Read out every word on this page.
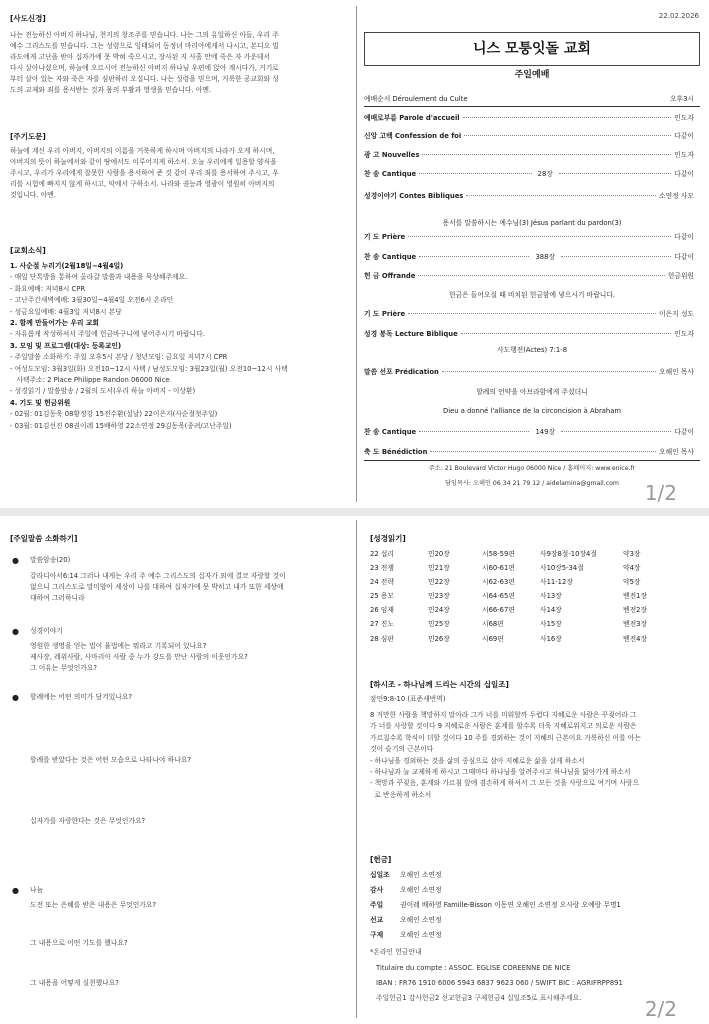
[사도신경]
나는 전능하신 아버지 하나님, 천지의 창조주를 믿습니다. 나는 그의 유일하신 아들, 우리 주
예수 그리스도를 믿습니다. 그는 성령으로 잉태되어 동정녀 마리아에게서 나시고, 본디오 빌
라도에게 고난을 받아 십자가에 못 박혀 죽으시고, 장사된 지 사흘 만에 죽은 자 가운데서
다시 살아나셨으며, 하늘에 오르시어 전능하신 아버지 하나님 우편에 앉아 계시다가, 거기로
부터 살아 있는 자와 죽은 자를 심판하러 오십니다. 나는 성령을 믿으며, 거룩한 공교회와 성
도의 교제와 죄를 용서받는 것과 몸의 부활과 영생을 믿습니다. 아멘.
[주기도문]
하늘에 계신 우리 아버지, 아버지의 이름을 거룩하게 하시며 아버지의 나라가 오게 하시며,
아버지의 뜻이 하늘에서와 같이 땅에서도 이루어지게 하소서. 오늘 우리에게 일용할 양식을
주시고, 우리가 우리에게 잘못한 사람을 용서하여 준 것 같이 우리 죄를 용서하여 주시고, 우
리를 시험에 빠지지 않게 하시고, 악에서 구하소서. 나라와 권능과 영광이 영원히 아버지의
것입니다. 아멘.
[교회소식]
1. 사순절 누리기(2월18일~4월4일)
- 매일 단톡방을 통하여 올라갈 말씀과 내용을 묵상해주세요.
- 화요예배: 저녁8시 CPR
- 고난주간새벽예배: 3월30일~4월4일 오전6시 온라인
- 성금요일예배: 4월3일 저녁8시 본당
2. 함께 만들어가는 우리 교회
- 자유롭게 작성하셔서 주일에 헌금바구니에 넣어주시기 바랍니다.
3. 모임 및 프로그램(대상: 등록교인)
- 주일말씀 소화하기: 주일 오후5시 본당 / 청년모임: 금요일 저녁7시 CPR
- 여성도모임: 3월3일(화) 오전10~12시 사택 / 남성도모임: 3월23일(월) 오전10~12시 사택
사택주소: 2 Place Philippe Randon 06000 Nice
- 성경읽기 / 말씀암송 / 2월의 도서(우리 하늘 아버지 - 이상환)
4. 기도 및 헌금위원
- 02월: 01김동욱 08황정강 15전수환(설날) 22이은지(사순절첫주일)
- 03월: 01김선진 08권이레 15배하영 22소연정 29김동욱(종려/고난주일)
22.02.2026
니스 모퉁잇돌 교회
주일예배
예배순서 Déroulement du Culte	오후3시
예배로부름 Parole d'accueil	인도자
신앙 고백 Confession de foi	다같이
광 고 Nouvelles	인도자
찬 송 Cantique	28장	다같이
성경이야기 Contes Bibliques	소연정 사모
용서를 말씀하시는 예수님(3) Jésus parlant du pardon(3)
기 도 Prière	다같이
찬 송 Cantique	388장	다같이
헌 금 Offrande	헌금위원
헌금은 들어오실 때 비치된 헌금함에 넣으시기 바랍니다.
기 도 Prière	이은지 성도
성경 봉독 Lecture Biblique	인도자
사도행전(Actes) 7:1-8
말씀 선포 Prédication	오해인 목사
할례의 언약을 아브라함에게 주셨더니
Dieu a donné l'alliance de la circoncision à Abraham
찬 송 Cantique	149장	다같이
축 도 Bénédiction	오해인 목사
주소: 21 Boulevard Victor Hugo 06000 Nice / 홈페이지: www.enice.fr
담임목사: 오해인 06 34 21 79 12 / aidelamina@gmail.com	1/2
[주일말씀 소화하기]
● 말씀암송(20)
갈라디아서6:14 그러나 내게는 우리 주 예수 그리스도의 십자가 외에 결코 자랑할 것이
없으니 그리스도로 말미암아 세상이 나를 대하여 십자가에 못 박히고 내가 또한 세상에
대하여 그러하니라
● 성경이야기
영원한 생명을 얻는 법이 율법에는 뭐라고 기록되어 있나요?
제사장, 레위사람, 사마리아 사람 중 누가 강도를 만난 사람의 이웃인가요?
그 이유는 무엇인가요?
● 할례에는 어떤 의미가 담겨있나요?
할례를 받았다는 것은 어떤 모습으로 나타나야 하나요?
십자가를 자랑한다는 것은 무엇인가요?
● 나눔
도전 또는 은혜를 받은 내용은 무엇인가요?
그 내용으로 어떤 기도를 했나요?
그 내용을 어떻게 실천했나요?
[성경읽기]
22 섭리	민20장	시58-59편	사9장8절-10장4절	약3장
23 전쟁	민21장	시60-61편	사10장5-34절	약4장
24 전략	민22장	시62-63편	사11-12장	약5장
25 용모	민23장	시64-65편	사13장	벧전1장
26 임재	민24장	시66-67편	사14장	벧전2장
27 진노	민25장	시68편	사15장	벧전3장
28 심판	민26장	시69편	사16장	벧전4장
[하시조 - 하나님께 드리는 시간의 십일조]
잠언9:8-10 (표준새번역)
8 거만한 사람을 책망하지 말아라 그가 너를 미워할까 두렵다 지혜로운 사람은 꾸짖어라 그
가 너를 사랑할 것이다 9 지혜로운 사람은 훈계를 할수록 더욱 지혜로워지고 의로운 사람은
가르칠수록 학식이 더할 것이다 10 주를 경외하는 것이 지혜의 근본이요 거룩하신 이를 아는
것이 슬기의 근본이다
- 하나님을 경외하는 것을 삶의 중심으로 삼아 지혜로운 삶을 살게 하소서
- 하나님과 늘 교제하게 하시고 그때마다 하나님을 알려주시고 하나님을 닮아가게 하소서
- 책망과 꾸짖음, 훈계와 가르침 앞에 겸손하게 하셔서 그 모든 것을 사랑으로 여기며 사랑으
로 반응하게 하소서
[헌금]
십일조	오해인 소연정
감사	오해인 소연정
주일	권이레 배하영 Famille-Bisson 이동연 오해인 소연정 오사랑 오예랑 무명1
선교	오해인 소연정
구제	오해인 소연정
*온라인 헌금안내
Titulaire du compte : ASSOC. EGLISE COREENNE DE NICE
IBAN : FR76 1910 6006 5943 6837 9623 060 / SWIFT BIC : AGRIFRPP891
주일헌금1 감사헌금2 선교헌금3 구제헌금4 십일조5로 표시해주세요.	2/2
